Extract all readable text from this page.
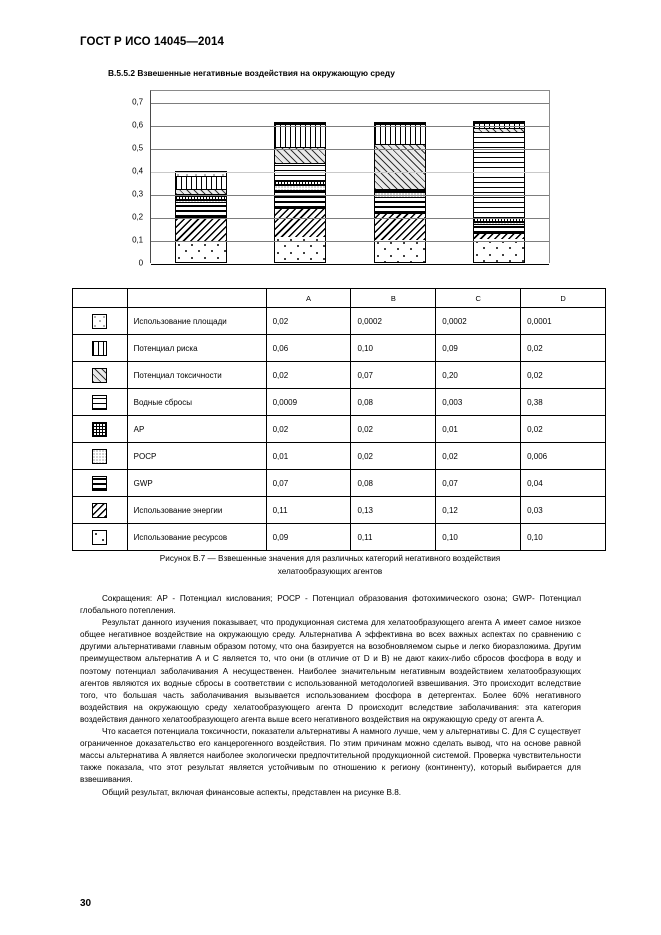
ГОСТ Р ИСО 14045—2014
B.5.5.2 Взвешенные негативные воздействия на окружающую среду
0
0,1
0,2
0,3
0,4
0,5
0,6
0,7
		A	B	C	D

	Использование площади	0,02	0,0002	0,0002	0,0001

	Потенциал риска	0,06	0,10	0,09	0,02

	Потенциал токсичности	0,02	0,07	0,20	0,02

	Водные сбросы	0,0009	0,08	0,003	0,38

	AP	0,02	0,02	0,01	0,02

	POCP	0,01	0,02	0,02	0,006

	GWP	0,07	0,08	0,07	0,04

	Использование энергии	0,11	0,13	0,12	0,03

	Использование ресурсов	0,09	0,11	0,10	0,10
Рисунок В.7 — Взвешенные значения для различных категорий негативного воздействия
хелатообразующих агентов

Сокращения: AP - Потенциал кислования; POCP - Потенциал образования фотохимического озона; GWP- Потенциал глобального потепления.

Результат данного изучения показывает, что продукционная система для хелатообразующего агента А имеет самое низкое общее негативное воздействие на окружающую среду. Альтернатива А эффективна во всех важных аспектах по сравнению с другими альтернативами главным образом потому, что она базируется на возобновляемом сырье и легко биоразложима. Другим преимуществом альтернатив А и С является то, что они (в отличие от D и В) не дают каких-либо сбросов фосфора в воду и поэтому потенциал заболачивания А несущественен. Наиболее значительным негативным воздействием хелатообразующих агентов являются их водные сбросы в соответствии с использованной методологией взвешивания. Это происходит вследствие того, что большая часть заболачивания вызывается использованием фосфора в детергентах. Более 60% негативного воздействия на окружающую среду хелатообразующего агента D происходит вследствие заболачивания: эта категория воздействия данного хелатообразующего агента выше всего негативного воздействия на окружающую среду от агента А.

Что касается потенциала токсичности, показатели альтернативы А намного лучше, чем у альтернативы С. Для С существует ограниченное доказательство его канцерогенного воздействия. По этим причинам можно сделать вывод, что на основе равной массы альтернатива А является наиболее экологически предпочтительной продукционной системой. Проверка чувствительности также показала, что этот результат является устойчивым по отношению к региону (континенту), который выбирается для взвешивания.

Общий результат, включая финансовые аспекты, представлен на рисунке В.8.

30
